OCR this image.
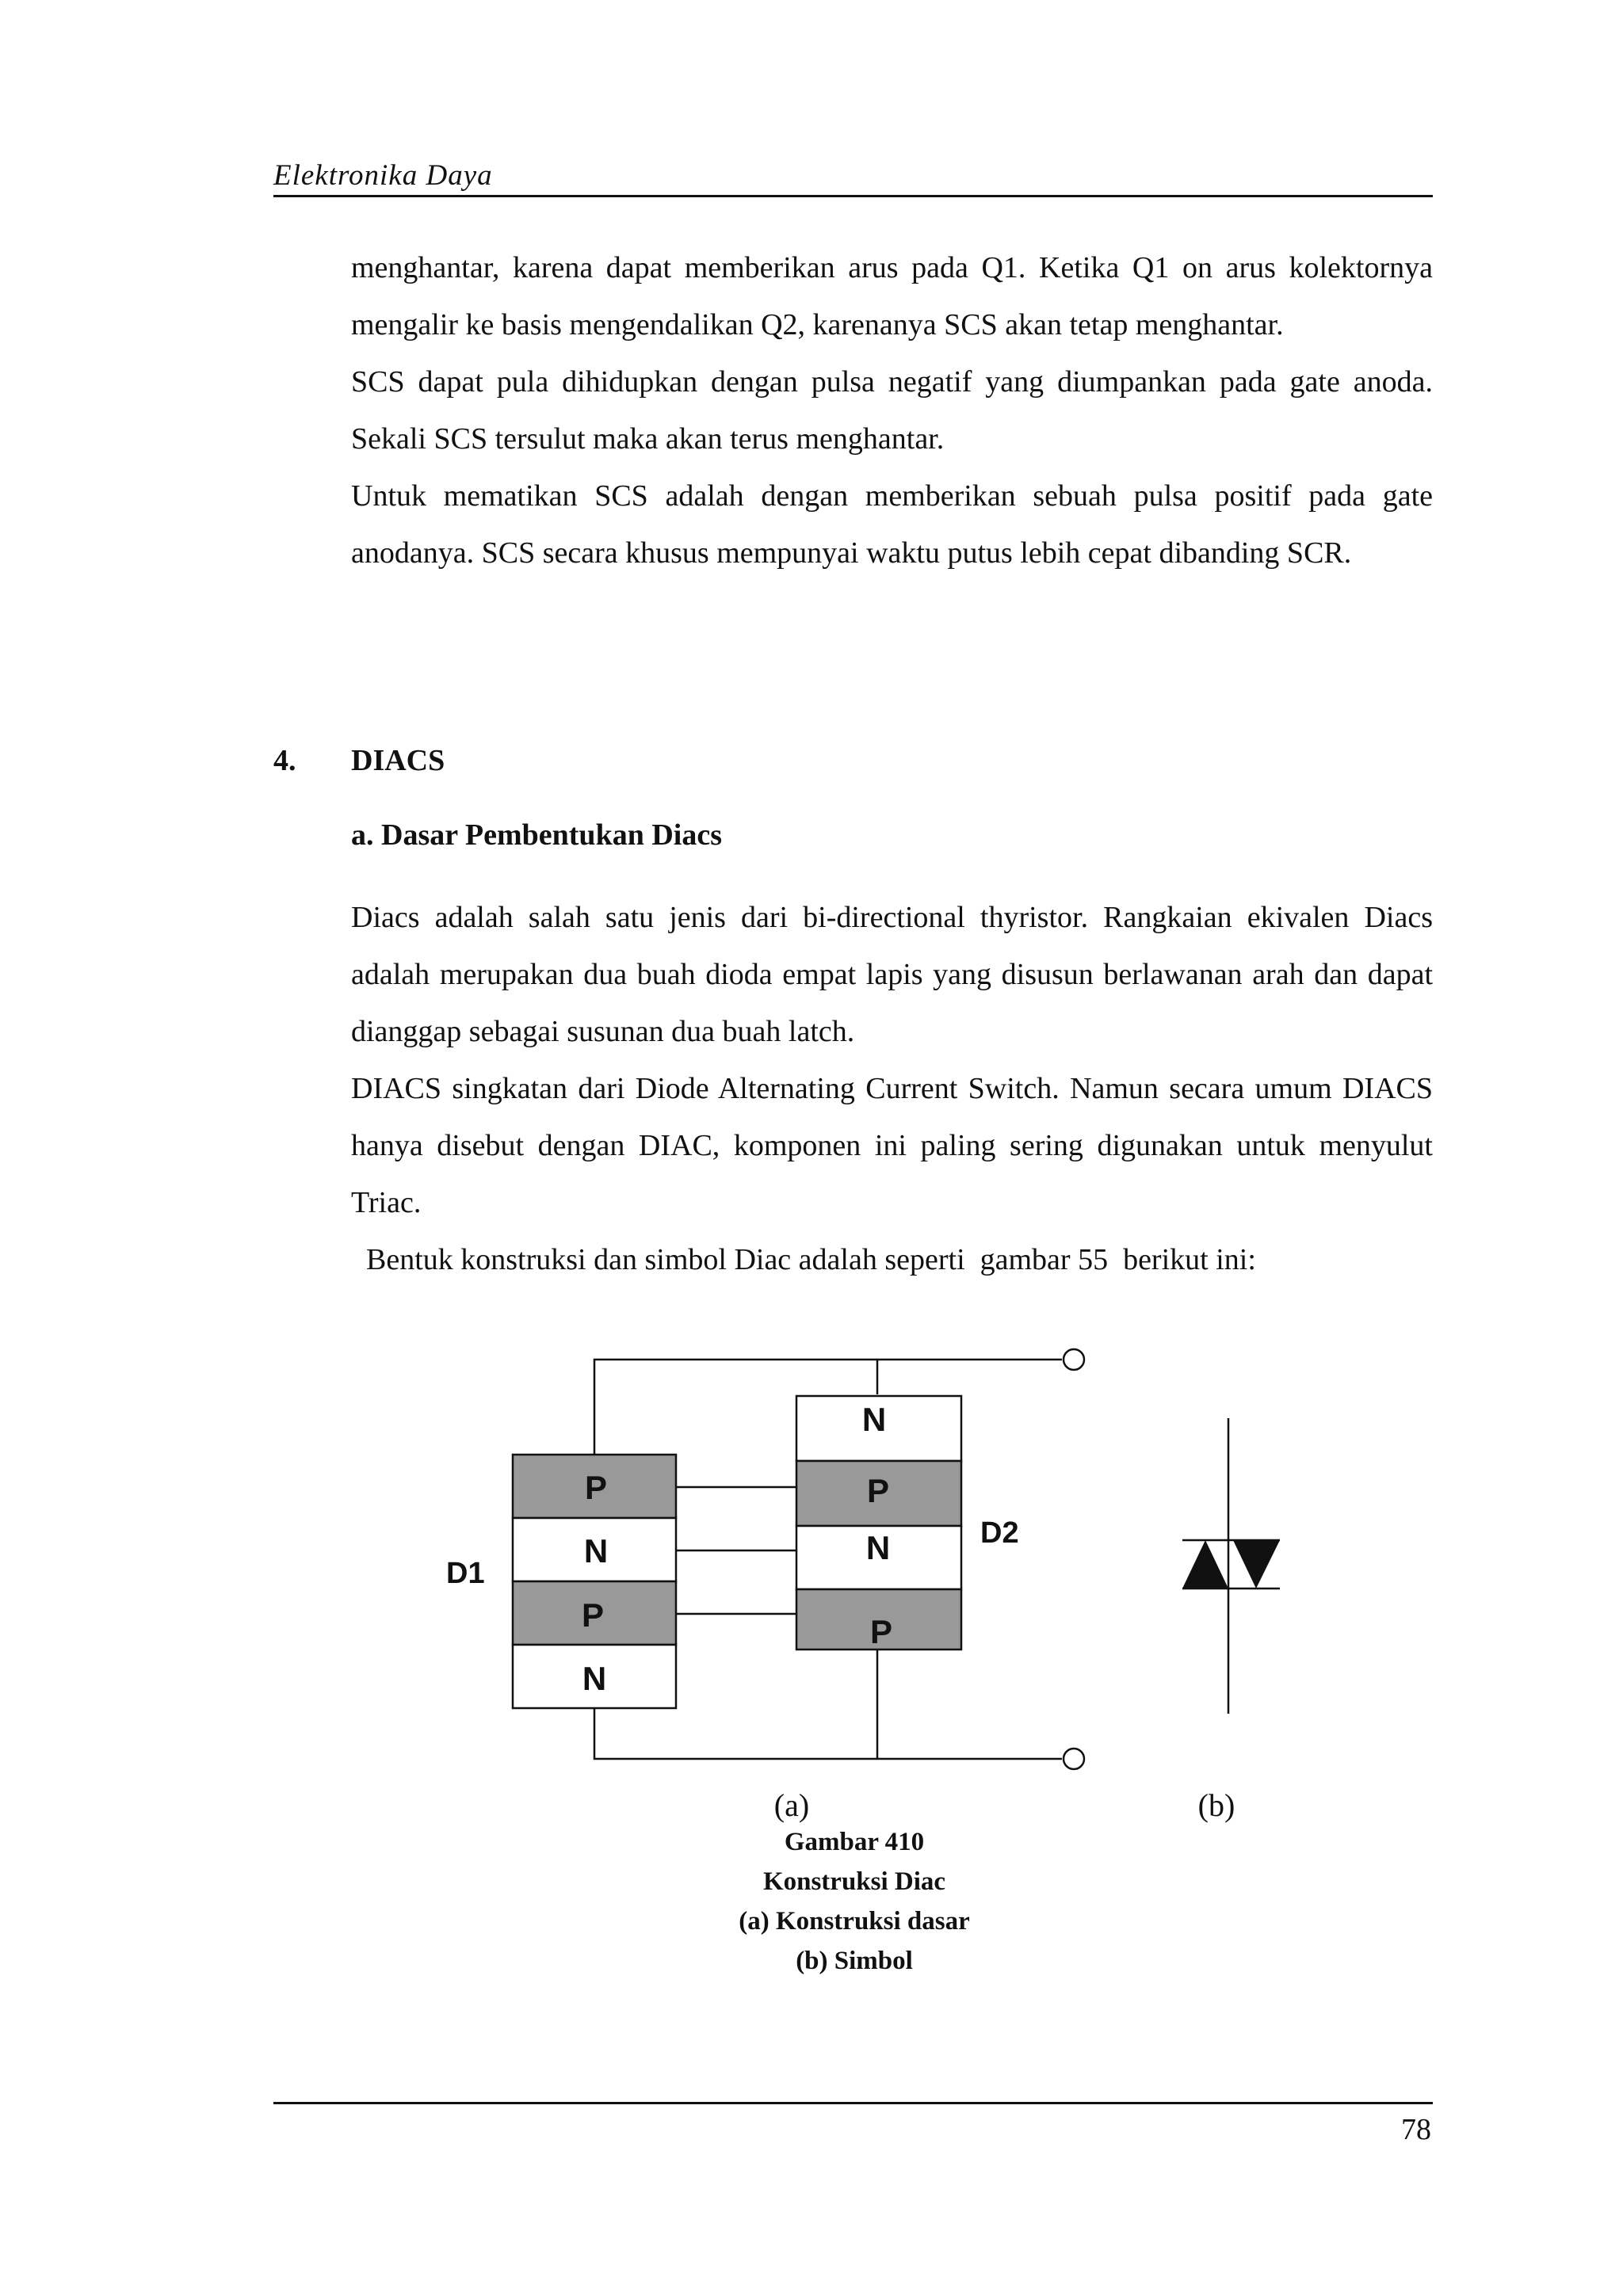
Elektronika Daya

menghantar, karena dapat memberikan arus pada Q1. Ketika Q1 on arus kolektornya mengalir ke basis mengendalikan Q2, karenanya SCS akan tetap menghantar.

SCS dapat pula dihidupkan dengan pulsa negatif yang diumpankan pada gate anoda. Sekali SCS tersulut maka akan terus menghantar.

Untuk mematikan SCS adalah dengan memberikan sebuah pulsa positif pada gate anodanya. SCS secara khusus mempunyai waktu putus lebih cepat dibanding SCR.

4. DIACS
a. Dasar Pembentukan Diacs

Diacs adalah salah satu jenis dari bi-directional thyristor. Rangkaian ekivalen Diacs adalah merupakan dua buah dioda empat lapis yang disusun berlawanan arah dan dapat dianggap sebagai susunan dua buah latch.

DIACS singkatan dari Diode Alternating Current Switch. Namun secara umum DIACS hanya disebut dengan DIAC, komponen ini paling sering digunakan untuk menyulut Triac.

Bentuk konstruksi dan simbol Diac adalah seperti  gambar 55  berikut ini:

P
N
P
N
N
P
N
P
D1
D2
(a)	(b)
Gambar 410
Konstruksi Diac
(a) Konstruksi dasar
(b) Simbol
78
